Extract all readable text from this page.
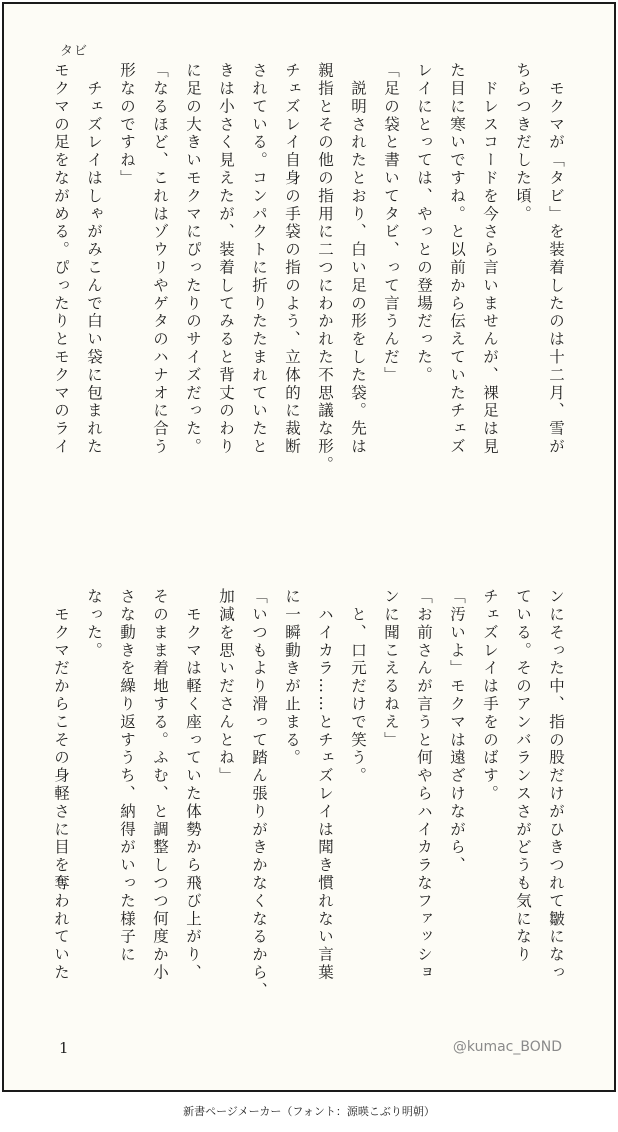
タビ
　モクマが「タビ」を装着したのは十二月、雪が
ちらつきだした頃。
　ドレスコードを今さら言いませんが、裸足は見
た目に寒いですね。と以前から伝えていたチェズ
レイにとっては、やっとの登場だった。
「足の袋と書いてタビ、って言うんだ」
　説明されたとおり、白い足の形をした袋。先は
親指とその他の指用に二つにわかれた不思議な形。
チェズレイ自身の手袋の指のよう、立体的に裁断
されている。コンパクトに折りたたまれていたと
きは小さく見えたが、装着してみると背丈のわり
に足の大きいモクマにぴったりのサイズだった。
「なるほど、これはゾウリやゲタのハナオに合う
形なのですね」
　チェズレイはしゃがみこんで白い袋に包まれた
モクマの足をながめる。ぴったりとモクマのライ
ンにそった中、指の股だけがひきつれて皺になっ
ている。そのアンバランスさがどうも気になり
チェズレイは手をのばす。
「汚いよ」モクマは遠ざけながら、
「お前さんが言うと何やらハイカラなファッショ
ンに聞こえるねえ」
　と、口元だけで笑う。
　ハイカラ……とチェズレイは聞き慣れない言葉
に一瞬動きが止まる。
「いつもより滑って踏ん張りがきかなくなるから、
加減を思いださんとね」
　モクマは軽く座っていた体勢から飛び上がり、
そのまま着地する。ふむ、と調整しつつ何度か小
さな動きを繰り返すうち、納得がいった様子に
なった。
　モクマだからこその身軽さに目を奪われていた
1	@kumac_BOND
新書ページメーカー（フォント：源暎こぶり明朝）
